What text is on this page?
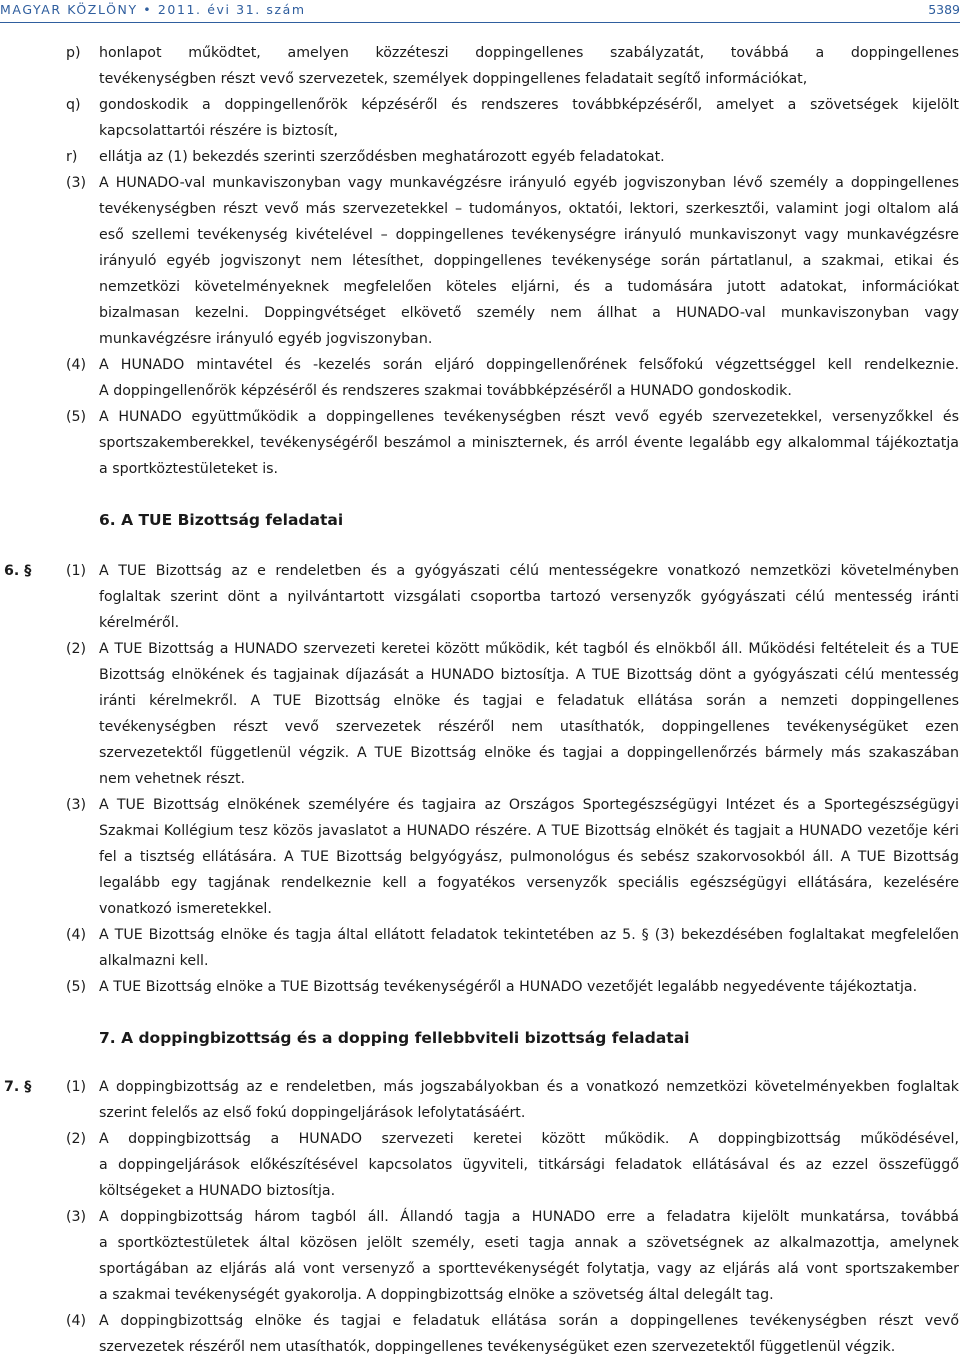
MAGYAR KÖZLÖNY • 2011. évi 31. szám	5389
p) honlapot működtet, amelyen közzéteszi doppingellenes szabályzatát, továbbá a doppingellenes
tevékenységben részt vevő szervezetek, személyek doppingellenes feladatait segítő információkat,
q) gondoskodik a doppingellenőrök képzéséről és rendszeres továbbképzéséről, amelyet a szövetségek kijelölt
kapcsolattartói részére is biztosít,
r) ellátja az (1) bekezdés szerinti szerződésben meghatározott egyéb feladatokat.
(3) A HUNADO-val munkaviszonyban vagy munkavégzésre irányuló egyéb jogviszonyban lévő személy a doppingellenes
tevékenységben részt vevő más szervezetekkel – tudományos, oktatói, lektori, szerkesztői, valamint jogi oltalom alá
eső szellemi tevékenység kivételével – doppingellenes tevékenységre irányuló munkaviszonyt vagy munkavégzésre
irányuló egyéb jogviszonyt nem létesíthet, doppingellenes tevékenysége során pártatlanul, a szakmai, etikai és
nemzetközi követelményeknek megfelelően köteles eljárni, és a tudomására jutott adatokat, információkat
bizalmasan kezelni. Doppingvétséget elkövető személy nem állhat a HUNADO-val munkaviszonyban vagy
munkavégzésre irányuló egyéb jogviszonyban.
(4) A HUNADO mintavétel és -kezelés során eljáró doppingellenőrének felsőfokú végzettséggel kell rendelkeznie.
A doppingellenőrök képzéséről és rendszeres szakmai továbbképzéséről a HUNADO gondoskodik.
(5) A HUNADO együttműködik a doppingellenes tevékenységben részt vevő egyéb szervezetekkel, versenyzőkkel és
sportszakemberekkel, tevékenységéről beszámol a miniszternek, és arról évente legalább egy alkalommal tájékoztatja
a sportköztestületeket is.
6. A TUE Bizottság feladatai
6. § (1) A TUE Bizottság az e rendeletben és a gyógyászati célú mentességekre vonatkozó nemzetközi követelményben
foglaltak szerint dönt a nyilvántartott vizsgálati csoportba tartozó versenyzők gyógyászati célú mentesség iránti
kérelméről.
(2) A TUE Bizottság a HUNADO szervezeti keretei között működik, két tagból és elnökből áll. Működési feltételeit és a TUE
Bizottság elnökének és tagjainak díjazását a HUNADO biztosítja. A TUE Bizottság dönt a gyógyászati célú mentesség
iránti kérelmekről. A TUE Bizottság elnöke és tagjai e feladatuk ellátása során a nemzeti doppingellenes
tevékenységben részt vevő szervezetek részéről nem utasíthatók, doppingellenes tevékenységüket ezen
szervezetektől függetlenül végzik. A TUE Bizottság elnöke és tagjai a doppingellenőrzés bármely más szakaszában
nem vehetnek részt.
(3) A TUE Bizottság elnökének személyére és tagjaira az Országos Sportegészségügyi Intézet és a Sportegészségügyi
Szakmai Kollégium tesz közös javaslatot a HUNADO részére. A TUE Bizottság elnökét és tagjait a HUNADO vezetője kéri
fel a tisztség ellátására. A TUE Bizottság belgyógyász, pulmonológus és sebész szakorvosokból áll. A TUE Bizottság
legalább egy tagjának rendelkeznie kell a fogyatékos versenyzők speciális egészségügyi ellátására, kezelésére
vonatkozó ismeretekkel.
(4) A TUE Bizottság elnöke és tagja által ellátott feladatok tekintetében az 5. § (3) bekezdésében foglaltakat megfelelően
alkalmazni kell.
(5) A TUE Bizottság elnöke a TUE Bizottság tevékenységéről a HUNADO vezetőjét legalább negyedévente tájékoztatja.
7. A doppingbizottság és a dopping fellebbviteli bizottság feladatai
7. § (1) A doppingbizottság az e rendeletben, más jogszabályokban és a vonatkozó nemzetközi követelményekben foglaltak
szerint felelős az első fokú doppingeljárások lefolytatásáért.
(2) A doppingbizottság a HUNADO szervezeti keretei között működik. A doppingbizottság működésével,
a doppingeljárások előkészítésével kapcsolatos ügyviteli, titkársági feladatok ellátásával és az ezzel összefüggő
költségeket a HUNADO biztosítja.
(3) A doppingbizottság három tagból áll. Állandó tagja a HUNADO erre a feladatra kijelölt munkatársa, továbbá
a sportköztestületek által közösen jelölt személy, eseti tagja annak a szövetségnek az alkalmazottja, amelynek
sportágában az eljárás alá vont versenyző a sporttevékenységét folytatja, vagy az eljárás alá vont sportszakember
a szakmai tevékenységét gyakorolja. A doppingbizottság elnöke a szövetség által delegált tag.
(4) A doppingbizottság elnöke és tagjai e feladatuk ellátása során a doppingellenes tevékenységben részt vevő
szervezetek részéről nem utasíthatók, doppingellenes tevékenységüket ezen szervezetektől függetlenül végzik.
